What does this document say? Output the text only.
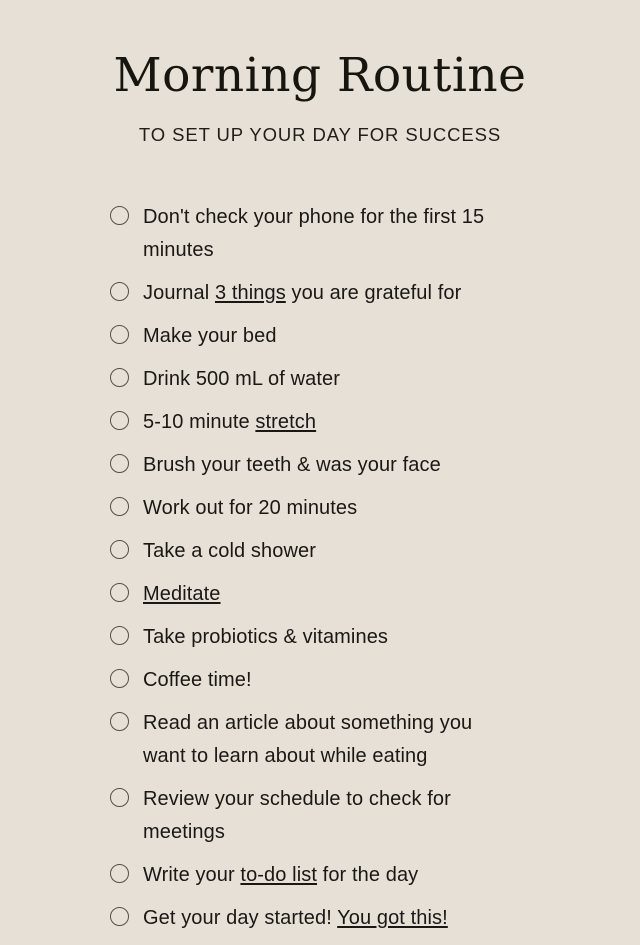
Morning Routine
TO SET UP YOUR DAY FOR SUCCESS
Don't check your phone for the first 15 minutes
Journal 3 things you are grateful for
Make your bed
Drink 500 mL of water
5-10 minute stretch
Brush your teeth & was your face
Work out for 20 minutes
Take a cold shower
Meditate
Take probiotics & vitamines
Coffee time!
Read an article about something you want to learn about while eating
Review your schedule to check for meetings
Write your to-do list for the day
Get your day started! You got this!
